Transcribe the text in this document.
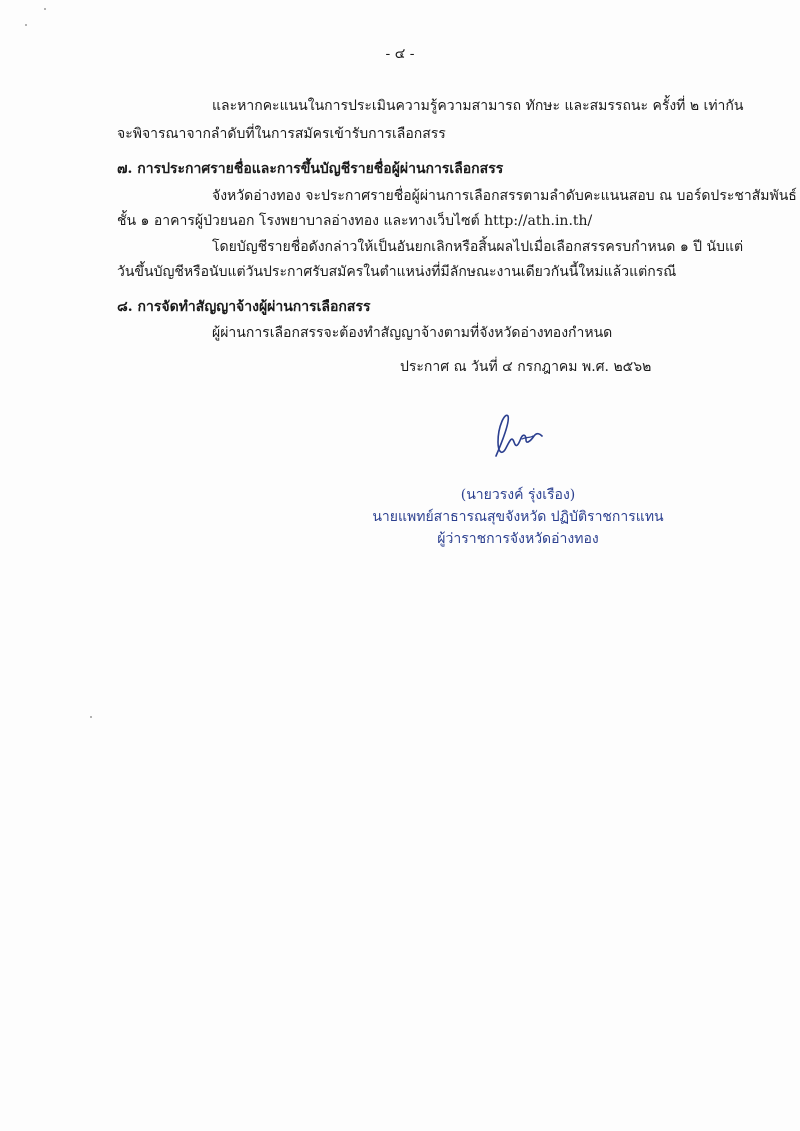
- ๔ -
และหากคะแนนในการประเมินความรู้ความสามารถ ทักษะ และสมรรถนะ ครั้งที่ ๒ เท่ากัน
จะพิจารณาจากลำดับที่ในการสมัครเข้ารับการเลือกสรร
๗. การประกาศรายชื่อและการขึ้นบัญชีรายชื่อผู้ผ่านการเลือกสรร
จังหวัดอ่างทอง จะประกาศรายชื่อผู้ผ่านการเลือกสรรตามลำดับคะแนนสอบ ณ บอร์ดประชาสัมพันธ์
ชั้น ๑ อาคารผู้ป่วยนอก โรงพยาบาลอ่างทอง และทางเว็บไซต์ http://ath.in.th/
โดยบัญชีรายชื่อดังกล่าวให้เป็นอันยกเลิกหรือสิ้นผลไปเมื่อเลือกสรรครบกำหนด ๑ ปี นับแต่
วันขึ้นบัญชีหรือนับแต่วันประกาศรับสมัครในตำแหน่งที่มีลักษณะงานเดียวกันนี้ใหม่แล้วแต่กรณี
๘. การจัดทำสัญญาจ้างผู้ผ่านการเลือกสรร
ผู้ผ่านการเลือกสรรจะต้องทำสัญญาจ้างตามที่จังหวัดอ่างทองกำหนด
ประกาศ ณ วันที่ ๔ กรกฎาคม พ.ศ. ๒๕๖๒
(นายวรงค์ รุ่งเรือง)
นายแพทย์สาธารณสุขจังหวัด ปฏิบัติราชการแทน
ผู้ว่าราชการจังหวัดอ่างทอง
